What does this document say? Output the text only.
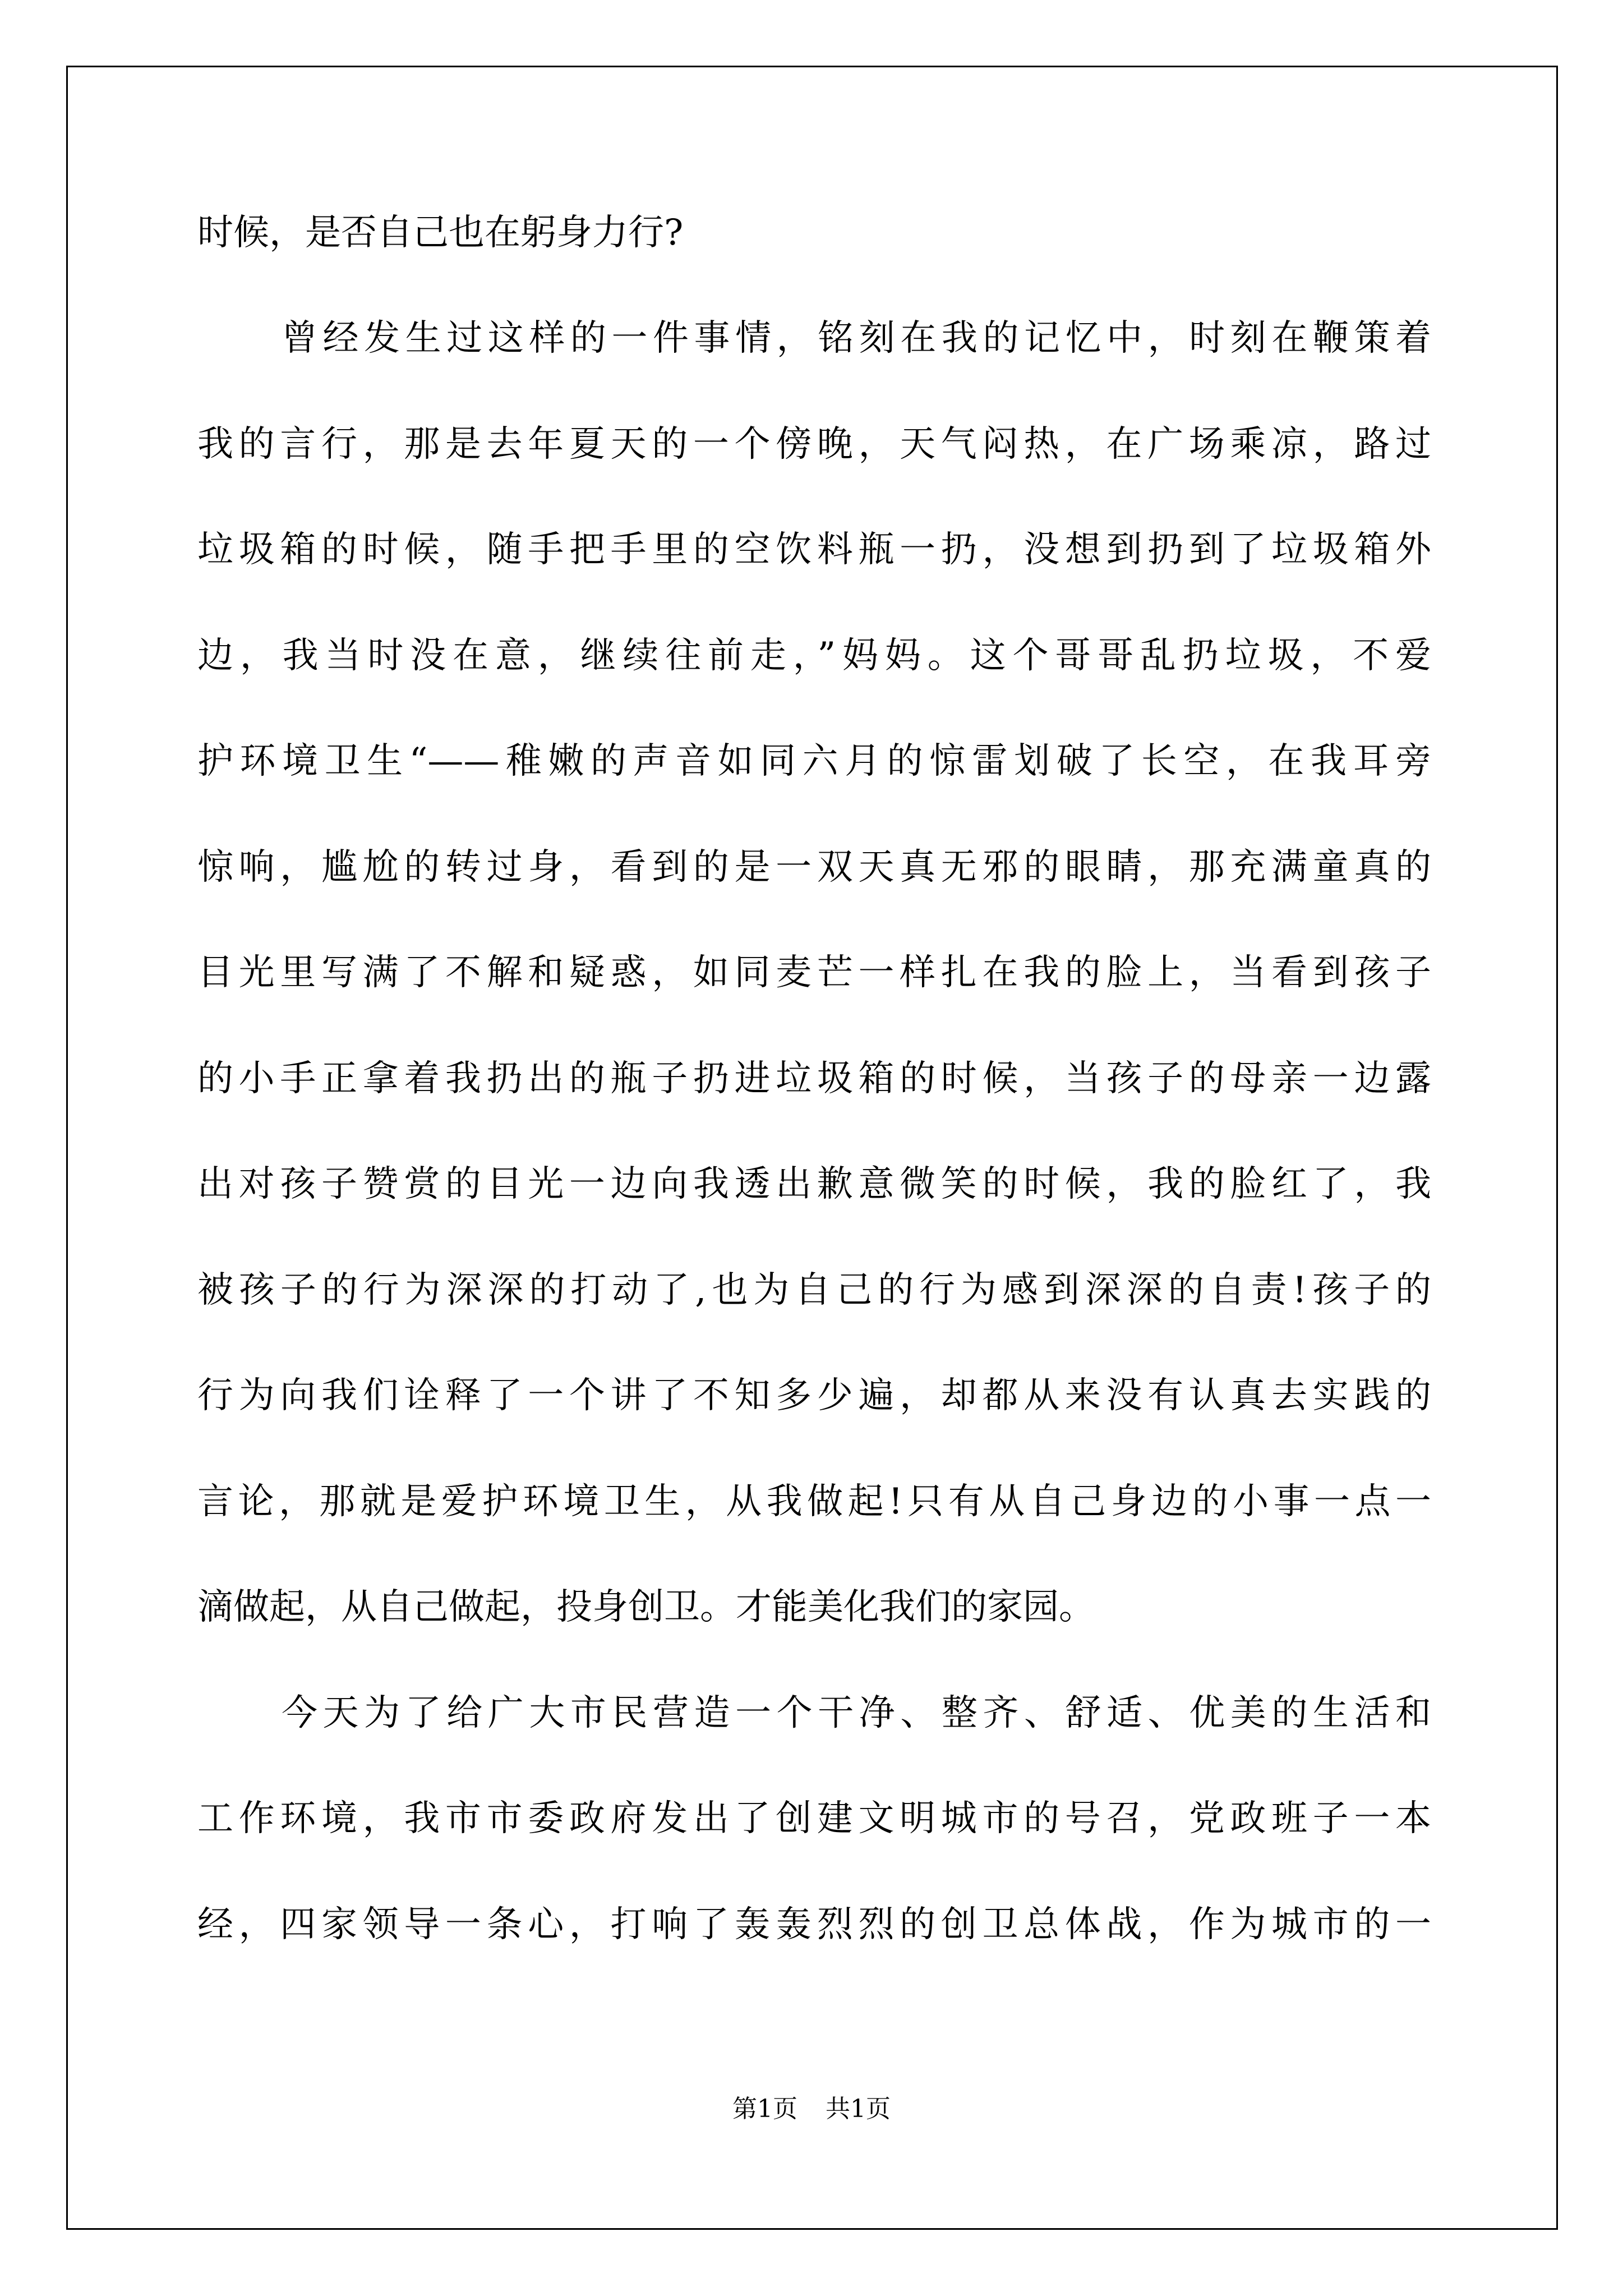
时候，是否自己也在躬身力行?
曾经发生过这样的一件事情，铭刻在我的记忆中，时刻在鞭策着
我的言行，那是去年夏天的一个傍晚，天气闷热，在广场乘凉，路过
垃圾箱的时候，随手把手里的空饮料瓶一扔，没想到扔到了垃圾箱外
边，我当时没在意，继续往前走，”妈妈。这个哥哥乱扔垃圾，不爱
护环境卫生“——稚嫩的声音如同六月的惊雷划破了长空，在我耳旁
惊响，尴尬的转过身，看到的是一双天真无邪的眼睛，那充满童真的
目光里写满了不解和疑惑，如同麦芒一样扎在我的脸上，当看到孩子
的小手正拿着我扔出的瓶子扔进垃圾箱的时候，当孩子的母亲一边露
出对孩子赞赏的目光一边向我透出歉意微笑的时候，我的脸红了，我
被孩子的行为深深的打动了,也为自己的行为感到深深的自责!孩子的
行为向我们诠释了一个讲了不知多少遍，却都从来没有认真去实践的
言论，那就是爱护环境卫生，从我做起!只有从自己身边的小事一点一
滴做起，从自己做起，投身创卫。才能美化我们的家园。
今天为了给广大市民营造一个干净、整齐、舒适、优美的生活和
工作环境，我市市委政府发出了创建文明城市的号召，党政班子一本
经，四家领导一条心，打响了轰轰烈烈的创卫总体战，作为城市的一
第1页 共1页
